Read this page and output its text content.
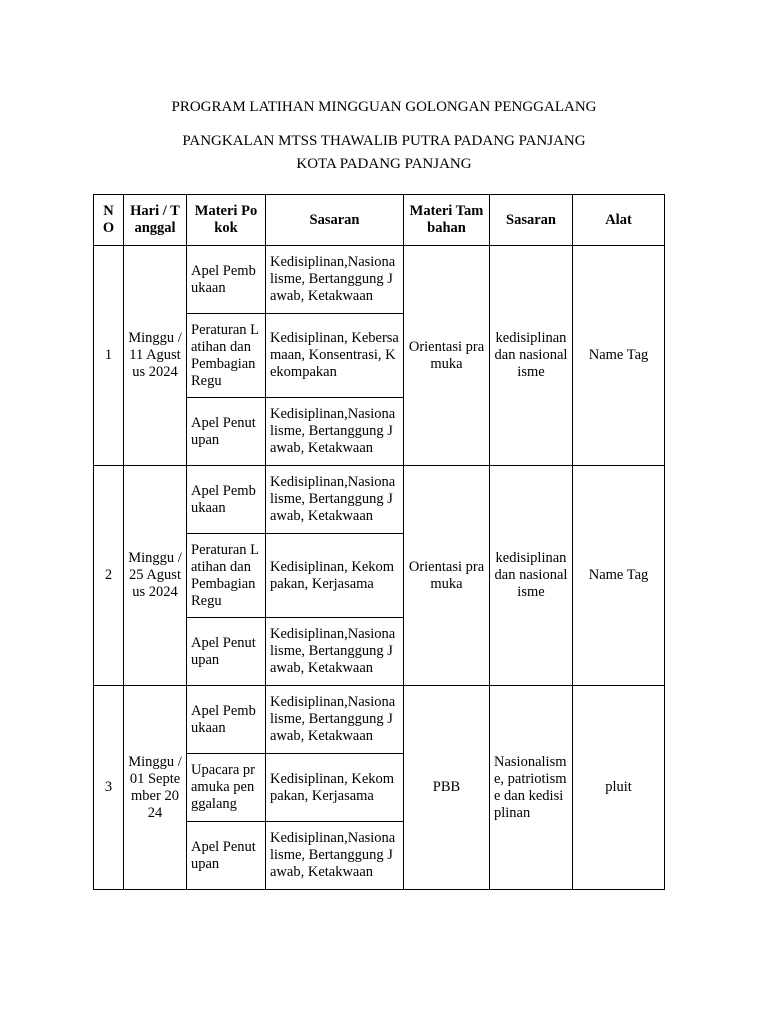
PROGRAM LATIHAN MINGGUAN GOLONGAN PENGGALANG
PANGKALAN MTSS THAWALIB PUTRA PADANG PANJANG
KOTA PADANG PANJANG
NO	Hari / Tanggal	Materi Pokok	Sasaran	Materi Tambahan	Sasaran	Alat
1	Minggu / 11 Agustus 2024	Apel Pembukaan	Kedisiplinan,Nasionalisme, Bertanggung Jawab, Ketakwaan	Orientasi pramuka	kedisiplinan dan nasionalisme	Name Tag
		Peraturan Latihan dan Pembagian Regu	Kedisiplinan, Kebersamaan, Konsentrasi, Kekompakan			
		Apel Penutupan	Kedisiplinan,Nasionalisme, Bertanggung Jawab, Ketakwaan			
2	Minggu / 25 Agustus 2024	Apel Pembukaan	Kedisiplinan,Nasionalisme, Bertanggung Jawab, Ketakwaan	Orientasi pramuka	kedisiplinan dan nasionalisme	Name Tag
		Peraturan Latihan dan Pembagian Regu	Kedisiplinan, Kekompakan, Kerjasama			
		Apel Penutupan	Kedisiplinan,Nasionalisme, Bertanggung Jawab, Ketakwaan			
3	Minggu / 01 September 2024	Apel Pembukaan	Kedisiplinan,Nasionalisme, Bertanggung Jawab, Ketakwaan	PBB	Nasionalisme, patriotisme dan kedisiplinan	pluit
		Upacara pramuka penggalang	Kedisiplinan, Kekompakan, Kerjasama			
		Apel Penutupan	Kedisiplinan,Nasionalisme, Bertanggung Jawab, Ketakwaan			
